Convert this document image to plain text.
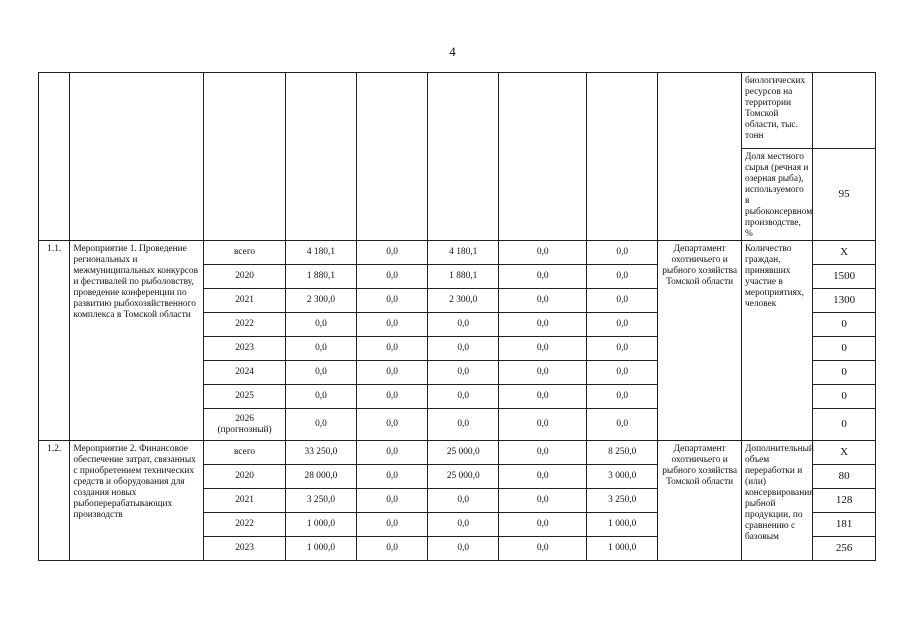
4
									биологических ресурсов на территории Томской области, тыс. тонн	
									Доля местного сырья (речная и озерная рыба), используемого в рыбоконсервном производстве, %	95
1.1.	Мероприятие 1. Проведение региональных и межмуниципальных конкурсов и фестивалей по рыболовству, проведение конференции по развитию рыбохозяйственного комплекса в Томской области	всего	4 180,1	0,0	4 180,1	0,0	0,0	Департамент охотничьего и рыбного хозяйства Томской области	Количество граждан, принявших участие в мероприятиях, человек	Х
		2020	1 880,1	0,0	1 880,1	0,0	0,0			1500
		2021	2 300,0	0,0	2 300,0	0,0	0,0			1300
		2022	0,0	0,0	0,0	0,0	0,0			0
		2023	0,0	0,0	0,0	0,0	0,0			0
		2024	0,0	0,0	0,0	0,0	0,0			0
		2025	0,0	0,0	0,0	0,0	0,0			0
		2026 (прогнозный)	0,0	0,0	0,0	0,0	0,0			0
1.2.	Мероприятие 2. Финансовое обеспечение затрат, связанных с приобретением технических средств и оборудования для создания новых рыбоперерабатывающих производств	всего	33 250,0	0,0	25 000,0	0,0	8 250,0	Департамент охотничьего и рыбного хозяйства Томской области	Дополнительный объем переработки и (или) консервирования рыбной продукции, по сравнению с базовым	Х
		2020	28 000,0	0,0	25 000,0	0,0	3 000,0			80
		2021	3 250,0	0,0	0,0	0,0	3 250,0			128
		2022	1 000,0	0,0	0,0	0,0	1 000,0			181
		2023	1 000,0	0,0	0,0	0,0	1 000,0			256
